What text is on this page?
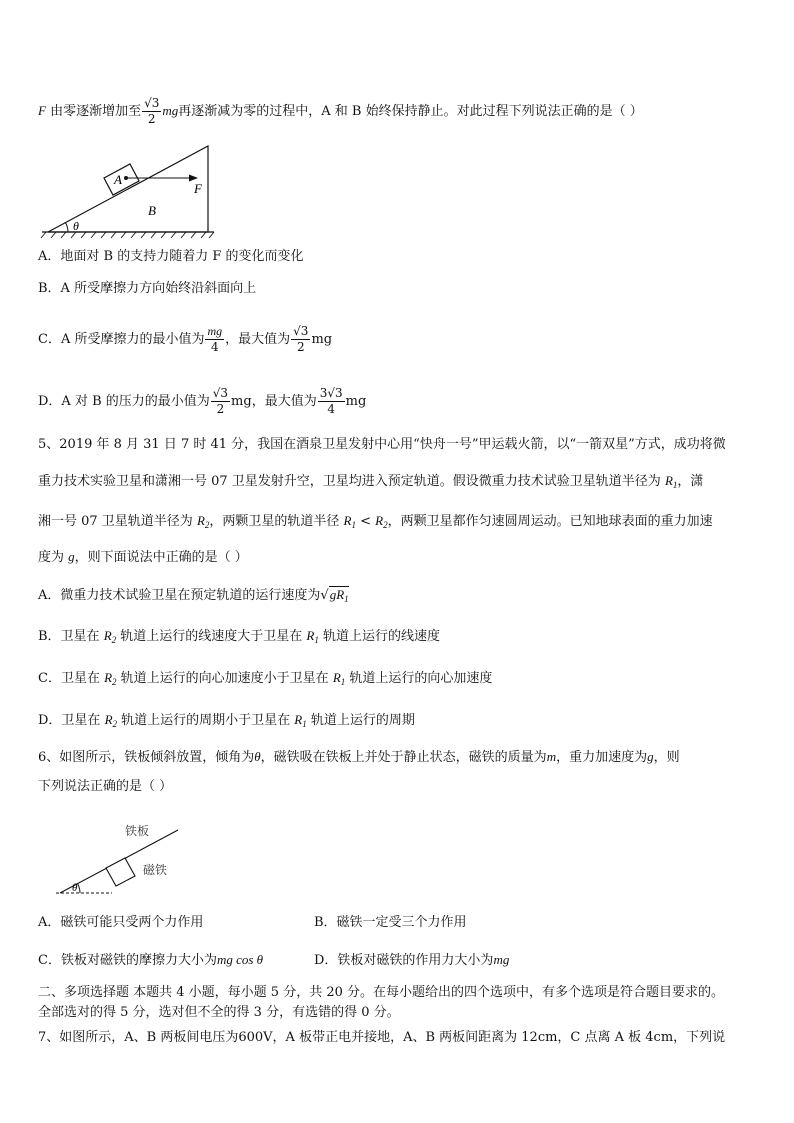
F 由零逐渐增加至 $\frac{√3}{2}$ mg再逐渐减为零的过程中，A 和 B 始终保持静止。对此过程下列说法正确的是（ ）
θ
A
F
B
A．地面对 B 的支持力随着力 F 的变化而变化
B．A 所受摩擦力方向始终沿斜面向上
C．A 所受摩擦力的最小值为 $\frac{mg}{4}$ ，最大值为 $\frac{√3}{2}$ mg
D．A 对 B 的压力的最小值为 $\frac{√3}{2}$ mg，最大值为 $\frac{3√3}{4}$ mg
5、2019 年 8 月 31 日 7 时 41 分，我国在酒泉卫星发射中心用“快舟一号”甲运载火箭，以“一箭双星”方式，成功将微
重力技术实验卫星和潇湘一号 07 卫星发射升空，卫星均进入预定轨道。假设微重力技术试验卫星轨道半径为 $R_1$，潇
湘一号 07 卫星轨道半径为 $R_2$，两颗卫星的轨道半径 $R_1 < R_2$，两颗卫星都作匀速圆周运动。已知地球表面的重力加速
度为 g，则下面说法中正确的是（ ）
A．微重力技术试验卫星在预定轨道的运行速度为$√gR_1$
B．卫星在 $R_2$ 轨道上运行的线速度大于卫星在 $R_1$ 轨道上运行的线速度
C．卫星在 $R_2$ 轨道上运行的向心加速度小于卫星在 $R_1$ 轨道上运行的向心加速度
D．卫星在 $R_2$ 轨道上运行的周期小于卫星在 $R_1$ 轨道上运行的周期
6、如图所示，铁板倾斜放置，倾角为θ，磁铁吸在铁板上并处于静止状态，磁铁的质量为m，重力加速度为g，则
下列说法正确的是（ ）
θ
铁板
磁铁
A．磁铁可能只受两个力作用	B．磁铁一定受三个力作用
C．铁板对磁铁的摩擦力大小为mg cos θ	D．铁板对磁铁的作用力大小为mg
二、多项选择题 本题共 4 小题，每小题 5 分，共 20 分。在每小题给出的四个选项中，有多个选项是符合题目要求的。
全部选对的得 5 分，选对但不全的得 3 分，有选错的得 0 分。
7、如图所示，A、B 两板间电压为600V，A 板带正电并接地，A、B 两板间距离为 12cm，C 点离 A 板 4cm，下列说
